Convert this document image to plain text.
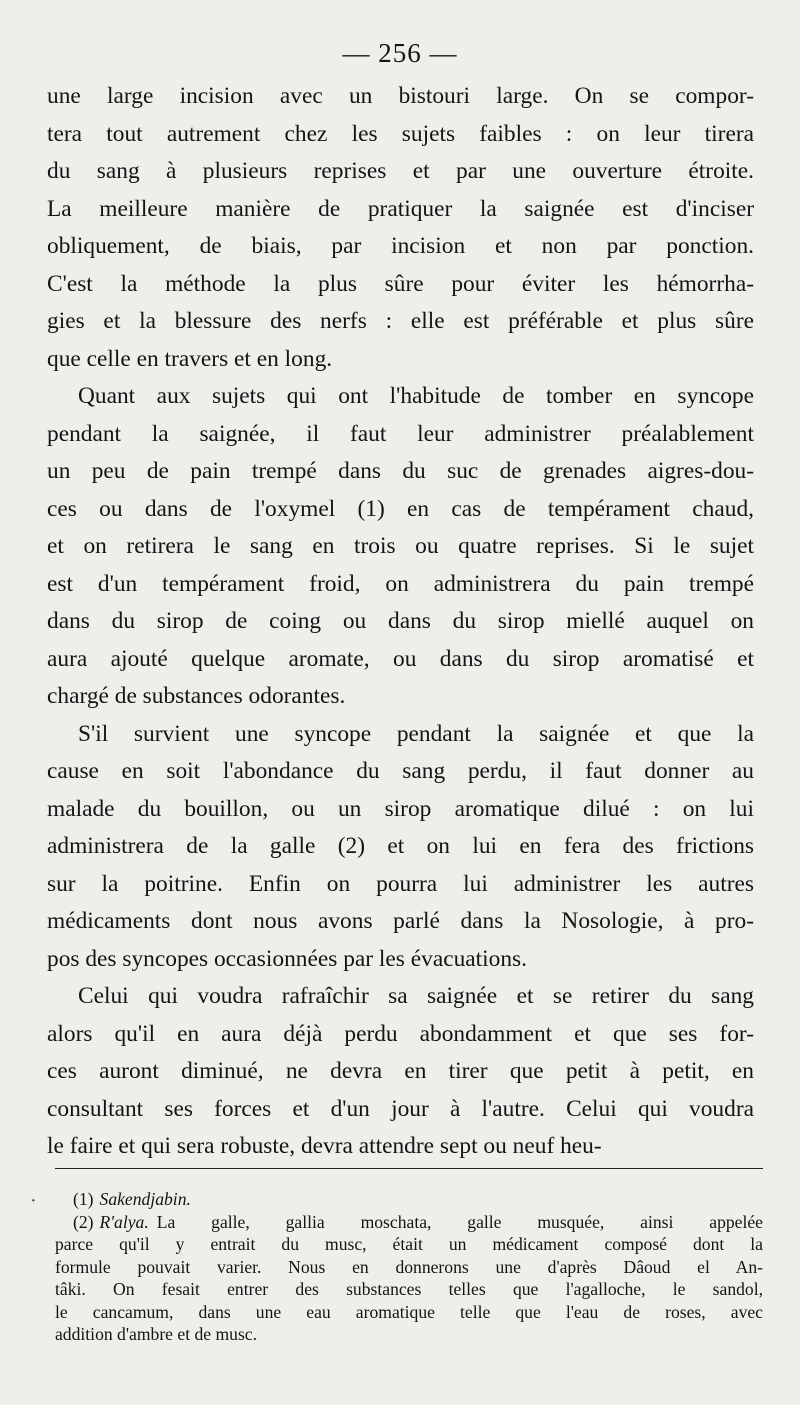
— 256 —
une large incision avec un bistouri large. On se compor-
tera tout autrement chez les sujets faibles : on leur tirera
du sang à plusieurs reprises et par une ouverture étroite.
La meilleure manière de pratiquer la saignée est d'inciser
obliquement, de biais, par incision et non par ponction.
C'est la méthode la plus sûre pour éviter les hémorrha-
gies et la blessure des nerfs : elle est préférable et plus sûre
que celle en travers et en long.
Quant aux sujets qui ont l'habitude de tomber en syncope
pendant la saignée, il faut leur administrer préalablement
un peu de pain trempé dans du suc de grenades aigres-dou-
ces ou dans de l'oxymel (1) en cas de tempérament chaud,
et on retirera le sang en trois ou quatre reprises. Si le sujet
est d'un tempérament froid, on administrera du pain trempé
dans du sirop de coing ou dans du sirop miellé auquel on
aura ajouté quelque aromate, ou dans du sirop aromatisé et
chargé de substances odorantes.
S'il survient une syncope pendant la saignée et que la
cause en soit l'abondance du sang perdu, il faut donner au
malade du bouillon, ou un sirop aromatique dilué : on lui
administrera de la galle (2) et on lui en fera des frictions
sur la poitrine. Enfin on pourra lui administrer les autres
médicaments dont nous avons parlé dans la Nosologie, à pro-
pos des syncopes occasionnées par les évacuations.
Celui qui voudra rafraîchir sa saignée et se retirer du sang
alors qu'il en aura déjà perdu abondamment et que ses for-
ces auront diminué, ne devra en tirer que petit à petit, en
consultant ses forces et d'un jour à l'autre. Celui qui voudra
le faire et qui sera robuste, devra attendre sept ou neuf heu-
(1) Sakendjabin.
(2) R'alya. La galle, gallia moschata, galle musquée, ainsi appelée
parce qu'il y entrait du musc, était un médicament composé dont la
formule pouvait varier. Nous en donnerons une d'après Dâoud el An-
tâki. On fesait entrer des substances telles que l'agalloche, le sandol,
le cancamum, dans une eau aromatique telle que l'eau de roses, avec
addition d'ambre et de musc.
·
